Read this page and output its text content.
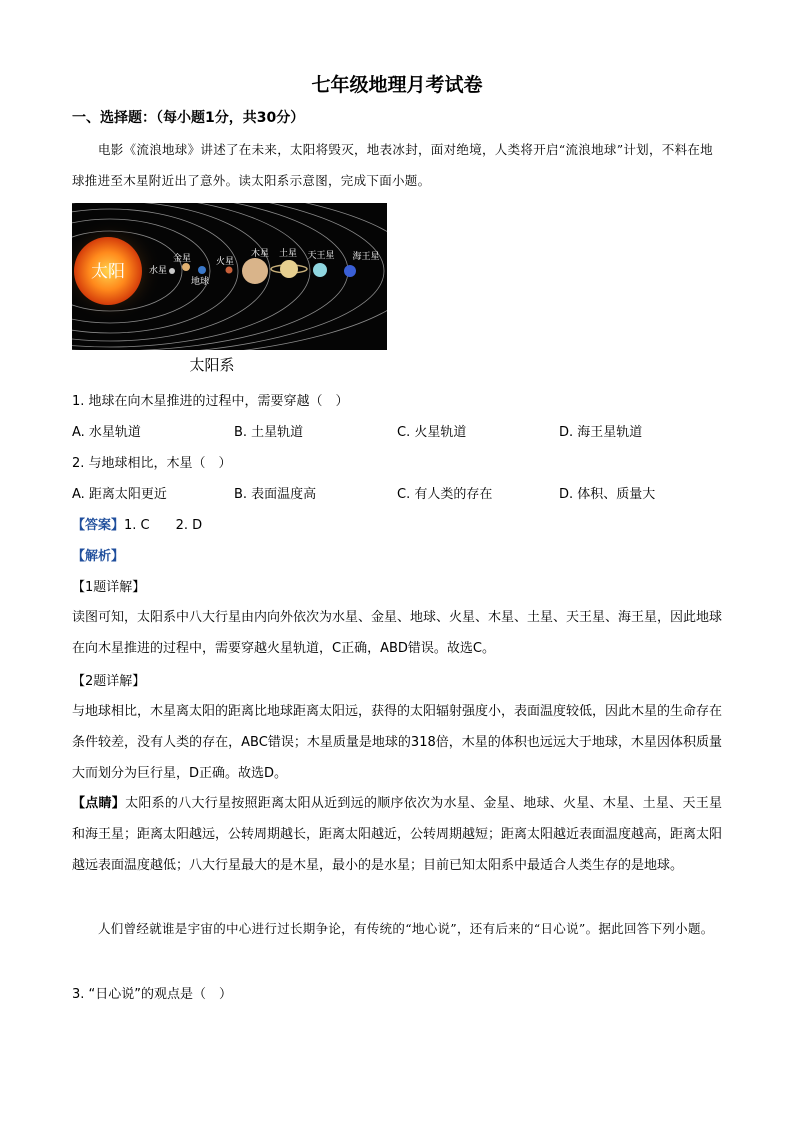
七年级地理月考试卷
一、选择题：（每小题1分，共30分）
电影《流浪地球》讲述了在未来，太阳将毁灭，地表冰封，面对绝境，人类将开启“流浪地球”计划，不料在地球推进至木星附近出了意外。读太阳系示意图，完成下面小题。
太阳	水星
金星
地球
火星
木星 土星 天王星 海王星
太阳系
1. 地球在向木星推进的过程中，需要穿越（　）
A. 水星轨道	B. 土星轨道	C. 火星轨道	D. 海王星轨道
2. 与地球相比，木星（　）
A. 距离太阳更近	B. 表面温度高	C. 有人类的存在	D. 体积、质量大
【答案】1. C　　2. D
【解析】
【1题详解】
读图可知，太阳系中八大行星由内向外依次为水星、金星、地球、火星、木星、土星、天王星、海王星，因此地球在向木星推进的过程中，需要穿越火星轨道，C正确，ABD错误。故选C。
【2题详解】
与地球相比，木星离太阳的距离比地球距离太阳远，获得的太阳辐射强度小，表面温度较低，因此木星的生命存在条件较差，没有人类的存在，ABC错误；木星质量是地球的318倍，木星的体积也远远大于地球，木星因体积质量大而划分为巨行星，D正确。故选D。
【点睛】太阳系的八大行星按照距离太阳从近到远的顺序依次为水星、金星、地球、火星、木星、土星、天王星和海王星；距离太阳越远，公转周期越长，距离太阳越近，公转周期越短；距离太阳越近表面温度越高，距离太阳越远表面温度越低；八大行星最大的是木星，最小的是水星；目前已知太阳系中最适合人类生存的是地球。
人们曾经就谁是宇宙的中心进行过长期争论，有传统的“地心说”，还有后来的“日心说”。据此回答下列小题。
3. “日心说”的观点是（　）
